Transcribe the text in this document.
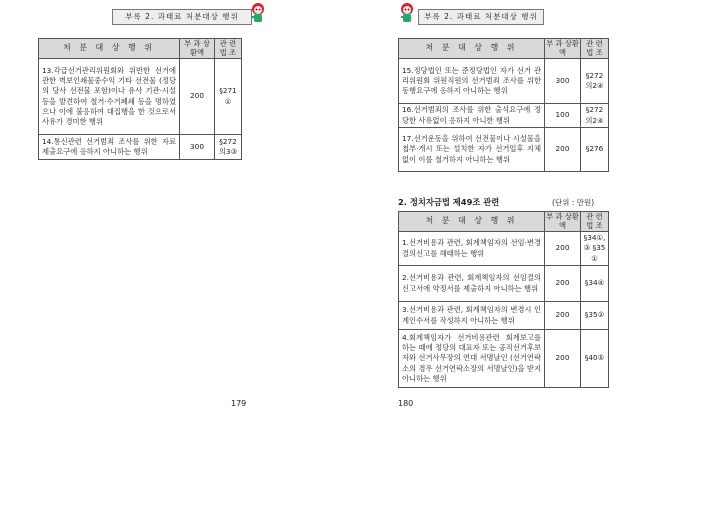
부록 2. 과태료 처분대상 행위
처 분 대 상 행 위	부 과 상환액	관 련 법 조
13.각급선거관리위원회와 위반한 선거에 관한 벽보인쇄물중수익 기타 선전물 (정당의 당사 선전물 포함)이나 유사 기관·시설 등을 발견하여 철거·수거폐쇄 등을 명하였으나 이에 불응하여 대집행을 한 것으로서 사유가 경미한 행위	200	§271 ①
14.통신관련 선거범죄 조사를 위한 자료 제출요구에 응하지 아니하는 행위	300	§272 의3③
179
부록 2. 과태료 처분대상 행위
처 분 대 상 행 위	부 과 상환액	관 련 법 조
15.정당법인 또는 준정당법인 자가 선거 관리위원회 위원직원의 선거범죄 조사를 위한 동행요구에 응하지 아니하는 행위	300	§272 의2④
16.선거범죄의 조사를 위한 출석요구에 정당한 사유없이 응하지 아니한 행위	100	§272 의2④
17.선거운동을 위하여 선전물이나 시설물을 첩부·게시 또는 설치한 자가 선거일후 지체없이 이를 철거하지 아니하는 행위	200	§276
2. 정치자금법 제49조 관련	(단위 : 만원)
처 분 대 상 행 위	부 과 상환액	관 련 법 조
1.선거비용과 관련, 회계책임자의 선임·변경결의신고를 해태하는 행위	200	§34①, ③ §35①
2.선거비용과 관련, 회계책임자의 선임결의 신고서에 약정서를 제출하지 아니하는 행위	200	§34④
3.선거비용과 관련, 회계책임자의 변경시 인계인수서를 작성하지 아니하는 행위	200	§35②
4.회계책임자가 선거비용관련 회계보고를 하는 때에 정당의 대표자 또는 공직선거후보자와 선거사무장의 연대 서명날인 (선거연락소의 경우 선거연락소장의 서명날인)을 받지 아니하는 행위	200	§40⑤
180
